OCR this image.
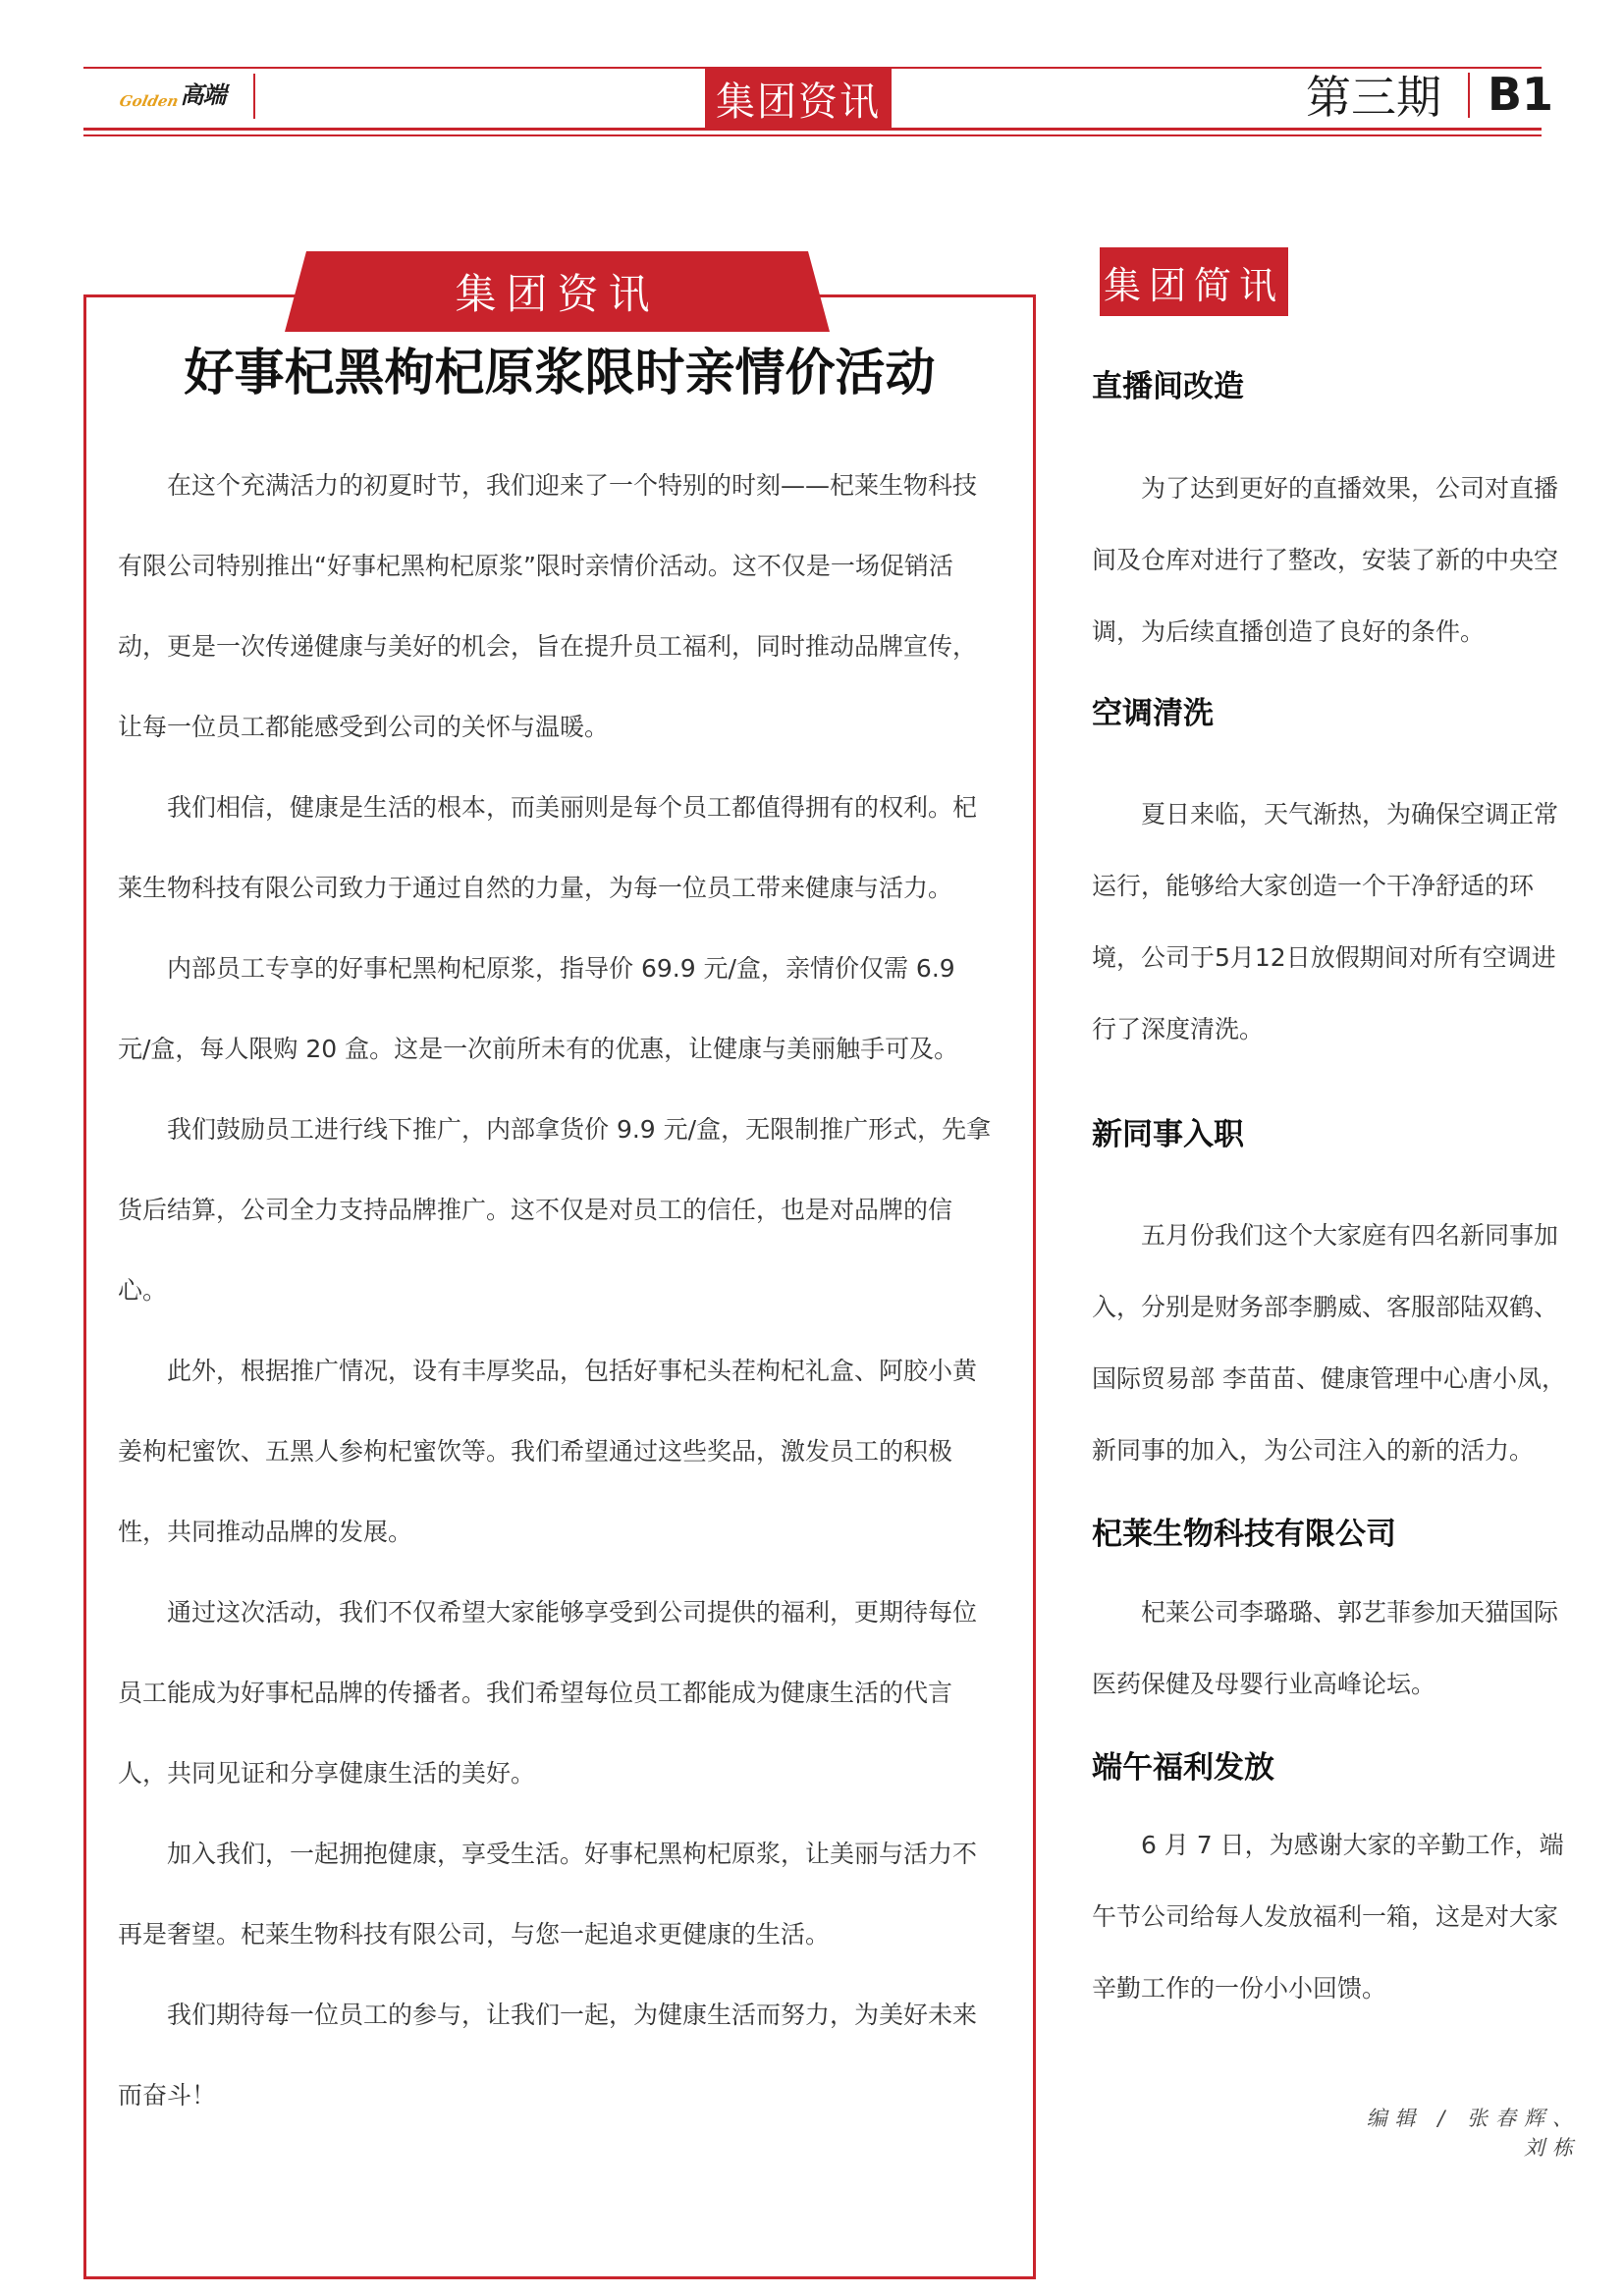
Golden 高端	集团资讯	第三期 B1
集团资讯
好事杞黑枸杞原浆限时亲情价活动

在这个充满活力的初夏时节，我们迎来了一个特别的时刻——杞莱生物科技有限公司特别推出“好事杞黑枸杞原浆”限时亲情价活动。这不仅是一场促销活动，更是一次传递健康与美好的机会，旨在提升员工福利，同时推动品牌宣传，让每一位员工都能感受到公司的关怀与温暖。

我们相信，健康是生活的根本，而美丽则是每个员工都值得拥有的权利。杞莱生物科技有限公司致力于通过自然的力量，为每一位员工带来健康与活力。

内部员工专享的好事杞黑枸杞原浆，指导价 69.9 元/盒，亲情价仅需 6.9 元/盒，每人限购 20 盒。这是一次前所未有的优惠，让健康与美丽触手可及。

我们鼓励员工进行线下推广，内部拿货价 9.9 元/盒，无限制推广形式，先拿货后结算，公司全力支持品牌推广。这不仅是对员工的信任，也是对品牌的信心。

此外，根据推广情况，设有丰厚奖品，包括好事杞头茬枸杞礼盒、阿胶小黄姜枸杞蜜饮、五黑人参枸杞蜜饮等。我们希望通过这些奖品，激发员工的积极性，共同推动品牌的发展。

通过这次活动，我们不仅希望大家能够享受到公司提供的福利，更期待每位员工能成为好事杞品牌的传播者。我们希望每位员工都能成为健康生活的代言人，共同见证和分享健康生活的美好。

加入我们，一起拥抱健康，享受生活。好事杞黑枸杞原浆，让美丽与活力不再是奢望。杞莱生物科技有限公司，与您一起追求更健康的生活。

我们期待每一位员工的参与，让我们一起，为健康生活而努力，为美好未来而奋斗！

集团简讯
直播间改造

为了达到更好的直播效果，公司对直播间及仓库对进行了整改，安装了新的中央空调，为后续直播创造了良好的条件。

空调清洗

夏日来临，天气渐热，为确保空调正常运行，能够给大家创造一个干净舒适的环境，公司于5月12日放假期间对所有空调进行了深度清洗。

新同事入职

五月份我们这个大家庭有四名新同事加入，分别是财务部李鹏威、客服部陆双鹤、国际贸易部 李苗苗、健康管理中心唐小凤，新同事的加入，为公司注入的新的活力。

杞莱生物科技有限公司

杞莱公司李璐璐、郭艺菲参加天猫国际医药保健及母婴行业高峰论坛。

端午福利发放

6 月 7 日，为感谢大家的辛勤工作，端午节公司给每人发放福利一箱，这是对大家辛勤工作的一份小小回馈。

编辑 / 张春辉、刘栋
